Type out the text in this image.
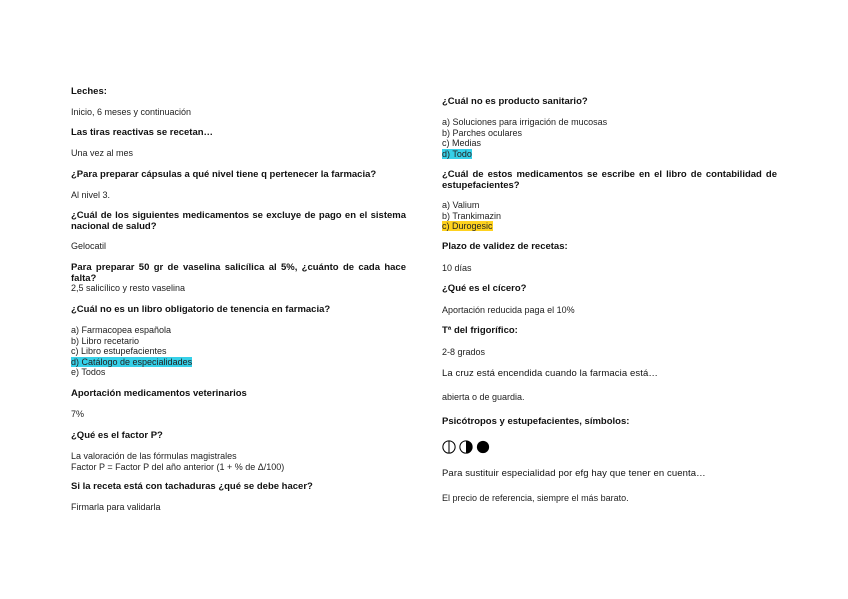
Leches:
Inicio, 6 meses y continuación
Las tiras reactivas se recetan…
Una vez al mes
¿Para preparar cápsulas a qué nivel tiene q pertenecer la farmacia?
Al nivel 3.
¿Cuál de los siguientes medicamentos se excluye de pago en el sistema nacional de salud?
Gelocatil
Para preparar 50 gr de vaselina salicílica al 5%, ¿cuánto de cada hace falta?
2,5 salicílico y resto vaselina
¿Cuál no es un libro obligatorio de tenencia en farmacia?
a) Farmacopea española
b) Libro recetario
c) Libro estupefacientes
d) Catálogo de especialidades
e) Todos
Aportación medicamentos veterinarios
7%
¿Qué es el factor P?
La valoración de las fórmulas magistrales
Factor P = Factor P del año anterior (1 + % de Δ/100)
Si la receta está con tachaduras ¿qué se debe hacer?
Firmarla para validarla
¿Cuál no es producto sanitario?
a) Soluciones para irrigación de mucosas
b) Parches oculares
c) Medias
d) Todo
¿Cuál de estos medicamentos se escribe en el libro de contabilidad de estupefacientes?
a) Valium
b) Trankimazin
c) Durogesic
Plazo de validez de recetas:
10 días
¿Qué es el cícero?
Aportación reducida paga el 10%
Tª del frigorífico:
2-8 grados
La cruz está encendida cuando la farmacia está…
abierta o de guardia.
Psicótropos y estupefacientes, símbolos:
Para sustituir especialidad por efg hay que tener en cuenta…
El precio de referencia, siempre el más barato.
